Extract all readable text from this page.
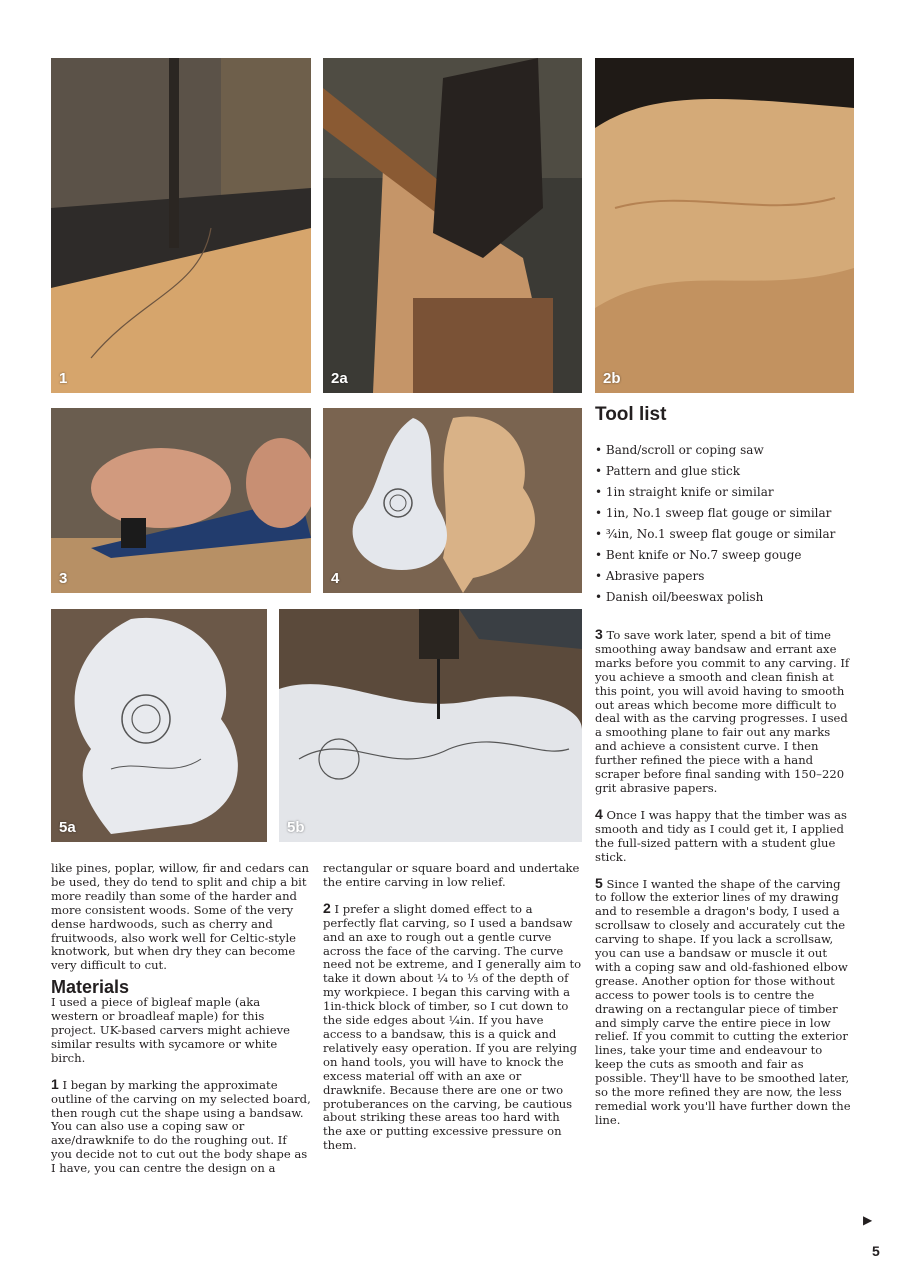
1	2a	2b
3	4
5a	5b
Tool list
• Band/scroll or coping saw
• Pattern and glue stick
• 1in straight knife or similar
• 1in, No.1 sweep flat gouge or similar
• ¾in, No.1 sweep flat gouge or similar
• Bent knife or No.7 sweep gouge
• Abrasive papers
• Danish oil/beeswax polish

like pines, poplar, willow, fir and cedars can be used, they do tend to split and chip a bit more readily than some of the harder and more consistent woods. Some of the very dense hardwoods, such as cherry and fruitwoods, also work well for Celtic-style knotwork, but when dry they can become very difficult to cut.

Materials

I used a piece of bigleaf maple (aka western or broadleaf maple) for this project. UK-based carvers might achieve similar results with sycamore or white birch.

1 I began by marking the approximate outline of the carving on my selected board, then rough cut the shape using a bandsaw. You can also use a coping saw or axe/drawknife to do the roughing out. If you decide not to cut out the body shape as I have, you can centre the design on a

rectangular or square board and undertake the entire carving in low relief.

2 I prefer a slight domed effect to a perfectly flat carving, so I used a bandsaw and an axe to rough out a gentle curve across the face of the carving. The curve need not be extreme, and I generally aim to take it down about ¼ to ⅓ of the depth of my workpiece. I began this carving with a 1in-thick block of timber, so I cut down to the side edges about ¼in. If you have access to a bandsaw, this is a quick and relatively easy operation. If you are relying on hand tools, you will have to knock the excess material off with an axe or drawknife. Because there are one or two protuberances on the carving, be cautious about striking these areas too hard with the axe or putting excessive pressure on them.

3 To save work later, spend a bit of time smoothing away bandsaw and errant axe marks before you commit to any carving. If you achieve a smooth and clean finish at this point, you will avoid having to smooth out areas which become more difficult to deal with as the carving progresses. I used a smoothing plane to fair out any marks and achieve a consistent curve. I then further refined the piece with a hand scraper before final sanding with 150–220 grit abrasive papers.

4 Once I was happy that the timber was as smooth and tidy as I could get it, I applied the full-sized pattern with a student glue stick.

5 Since I wanted the shape of the carving to follow the exterior lines of my drawing and to resemble a dragon's body, I used a scrollsaw to closely and accurately cut the carving to shape. If you lack a scrollsaw, you can use a bandsaw or muscle it out with a coping saw and old-fashioned elbow grease. Another option for those without access to power tools is to centre the drawing on a rectangular piece of timber and simply carve the entire piece in low relief. If you commit to cutting the exterior lines, take your time and endeavour to keep the cuts as smooth and fair as possible. They'll have to be smoothed later, so the more refined they are now, the less remedial work you'll have further down the line.

▶
5
